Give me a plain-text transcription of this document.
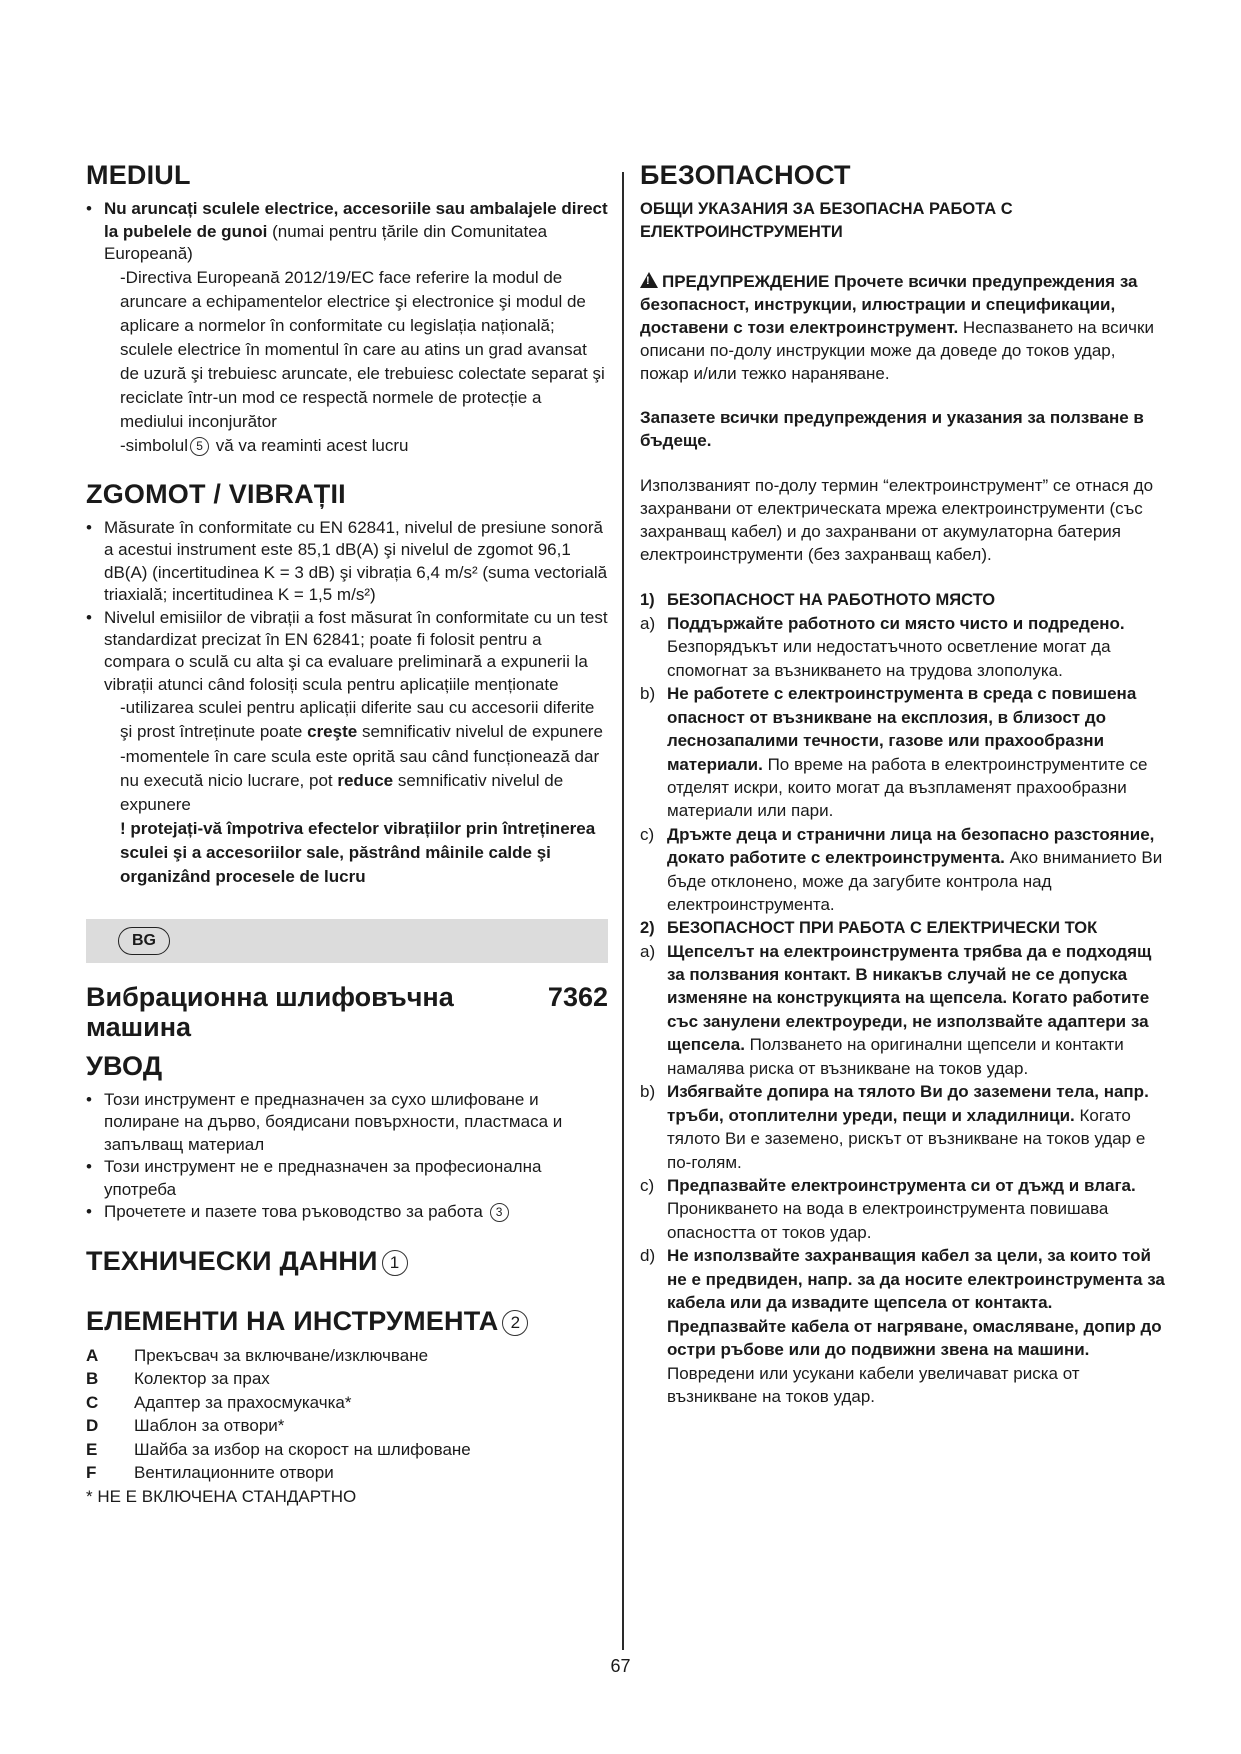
MEDIUL
• Nu aruncați sculele electrice, accesoriile sau ambalajele direct la pubelele de gunoi (numai pentru țările din Comunitatea Europeană)
-Directiva Europeană 2012/19/EC face referire la modul de aruncare a echipamentelor electrice şi electronice şi modul de aplicare a normelor în conformitate cu legislația națională; sculele electrice în momentul în care au atins un grad avansat de uzură şi trebuiesc aruncate, ele trebuiesc colectate separat şi reciclate într-un mod ce respectă normele de protecție a mediului inconjurător
-simbolul 5 vă va reaminti acest lucru
ZGOMOT / VIBRAȚII
• Măsurate în conformitate cu EN 62841, nivelul de presiune sonoră a acestui instrument este 85,1 dB(A) şi nivelul de zgomot 96,1 dB(A) (incertitudinea K = 3 dB) şi vibrația 6,4 m/s² (suma vectorială triaxială; incertitudinea K = 1,5 m/s²)
• Nivelul emisiilor de vibrații a fost măsurat în conformitate cu un test standardizat precizat în EN 62841; poate fi folosit pentru a compara o sculă cu alta şi ca evaluare preliminară a expunerii la vibrații atunci când folosiți scula pentru aplicațiile menționate
-utilizarea sculei pentru aplicații diferite sau cu accesorii diferite şi prost întreținute poate creşte semnificativ nivelul de expunere
-momentele în care scula este oprită sau când funcționează dar nu execută nicio lucrare, pot reduce semnificativ nivelul de expunere
! protejați-vă împotriva efectelor vibrațiilor prin întreținerea sculei şi a accesoriilor sale, păstrând mâinile calde şi organizând procesele de lucru
BG
Вибрационна шлифовъчна машина
7362
УВОД
• Този инструмент е предназначен за сухо шлифоване и полиране на дърво, боядисани повърхности, пластмаса и запълващ материал
• Този инструмент не е предназначен за професионална употреба
• Прочетете и пазете това ръководство за работа 3
ТЕХНИЧЕСКИ ДАННИ 1
ЕЛЕМЕНТИ НА ИНСТРУМЕНТА 2
A	Прекъсвач за включване/изключване
B	Колектор за прах
C	Адаптер за прахосмукачка*
D	Шаблон за отвори*
E	Шайба за избор на скорост на шлифоване
F	Вентилационните отвори
* НЕ Е ВКЛЮЧЕНА СТАНДАРТНО
БЕЗОПАСНОСТ
ОБЩИ УКАЗАНИЯ ЗА БЕЗОПАСНА РАБОТА С ЕЛЕКТРОИНСТРУМЕНТИ

!ПРЕДУПРЕЖДЕНИЕ Прочете всички предупреждения за безопасност, инструкции, илюстрации и спецификации, доставени с този електроинструмент. Неспазването на всички описани по-долу инструкции може да доведе до токов удар, пожар и/или тежко нараняване.

Запазете всички предупреждения и указания за ползване в бъдеще.

Използваният по-долу термин “електроинструмент” се отнася до захранвани от електрическата мрежа електроинструменти (със захранващ кабел) и до захранвани от акумулаторна батерия електроинструменти (без захранващ кабел).

1) БЕЗОПАСНОСТ НА РАБОТНОТО МЯСТО
a) Поддържайте работното си място чисто и подредено. Безпорядъкът или недостатъчното осветление могат да спомогнат за възникването на трудова злополука.
b) Не работете с електроинструмента в среда с повишена опасност от възникване на експлозия, в близост до леснозапалими течности, газове или прахообразни материали. По време на работа в електроинструментите се отделят искри, които могат да възпламенят прахообразни материали или пари.
c) Дръжте деца и странични лица на безопасно разстояние, докато работите с електроинструмента. Ако вниманието Ви бъде отклонено, може да загубите контрола над електроинструмента.
2) БЕЗОПАСНОСТ ПРИ РАБОТА С ЕЛЕКТРИЧЕСКИ ТОК
a) Щепселът на електроинструмента трябва да е подходящ за ползвания контакт. В никакъв случай не се допуска изменяне на конструкцията на щепсела. Когато работите със занулени електроуреди, не използвайте адаптери за щепсела. Ползването на оригинални щепсели и контакти намалява риска от възникване на токов удар.
b) Избягвайте допира на тялото Ви до заземени тела, напр. тръби, отоплителни уреди, пещи и хладилници. Когато тялото Ви е заземено, рискът от възникване на токов удар е по-голям.
c) Предпазвайте електроинструмента си от дъжд и влага. Проникването на вода в електроинструмента повишава опасността от токов удар.
d) Не използвайте захранващия кабел за цели, за които той не е предвиден, напр. за да носите електроинструмента за кабела или да извадите щепсела от контакта. Предпазвайте кабела от нагряване, омасляване, допир до остри ръбове или до подвижни звена на машини. Повредени или усукани кабели увеличават риска от възникване на токов удар.
67
